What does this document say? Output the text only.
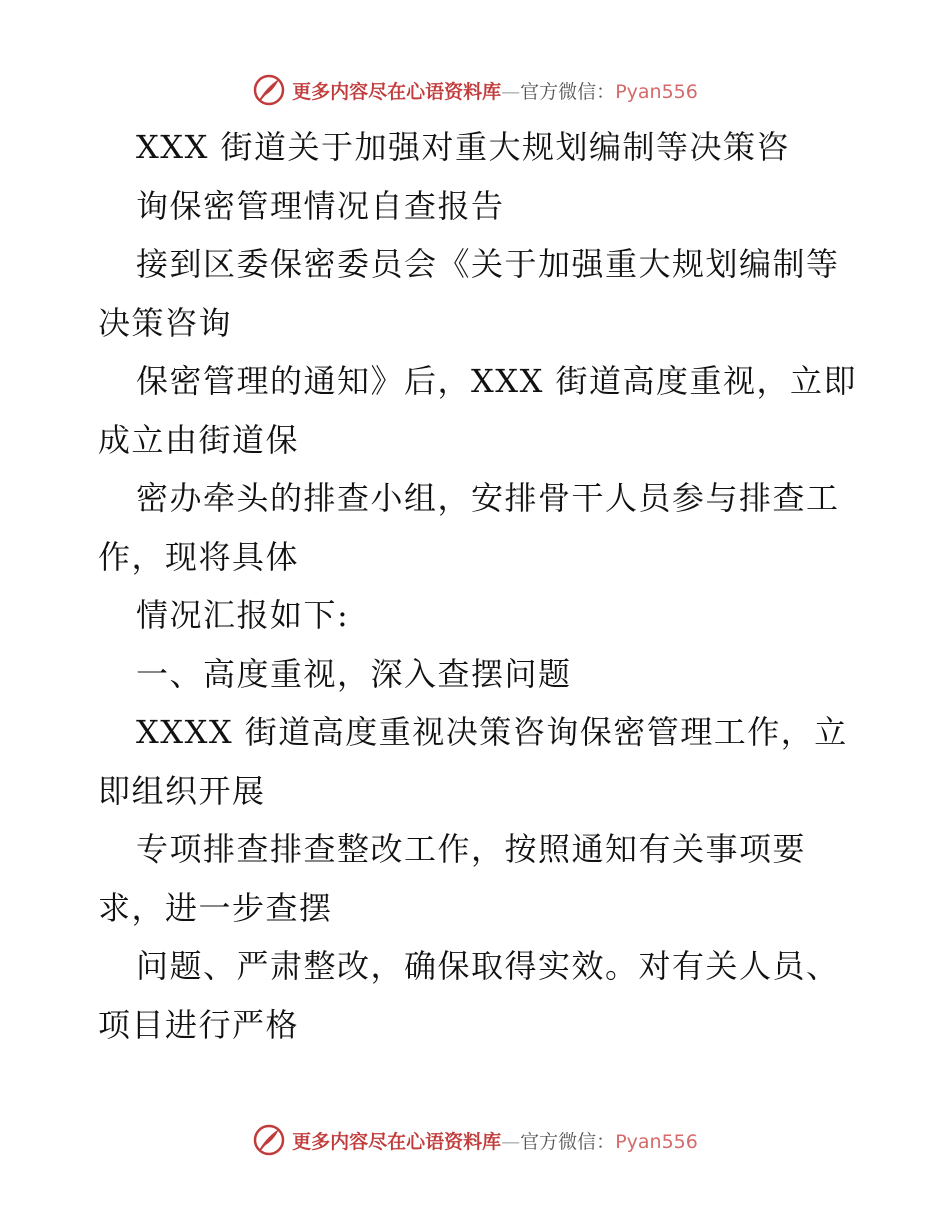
更多内容尽在心语资料库—官方微信：Pyan556
XXX 街道关于加强对重大规划编制等决策咨
询保密管理情况自查报告
接到区委保密委员会《关于加强重大规划编制等
决策咨询
保密管理的通知》后，XXX 街道高度重视，立即
成立由街道保
密办牵头的排查小组，安排骨干人员参与排查工
作，现将具体
情况汇报如下:
一、高度重视，深入查摆问题
XXXX 街道高度重视决策咨询保密管理工作，立
即组织开展
专项排查排查整改工作，按照通知有关事项要
求，进一步查摆
问题、严肃整改，确保取得实效。对有关人员、
项目进行严格
更多内容尽在心语资料库—官方微信：Pyan556
